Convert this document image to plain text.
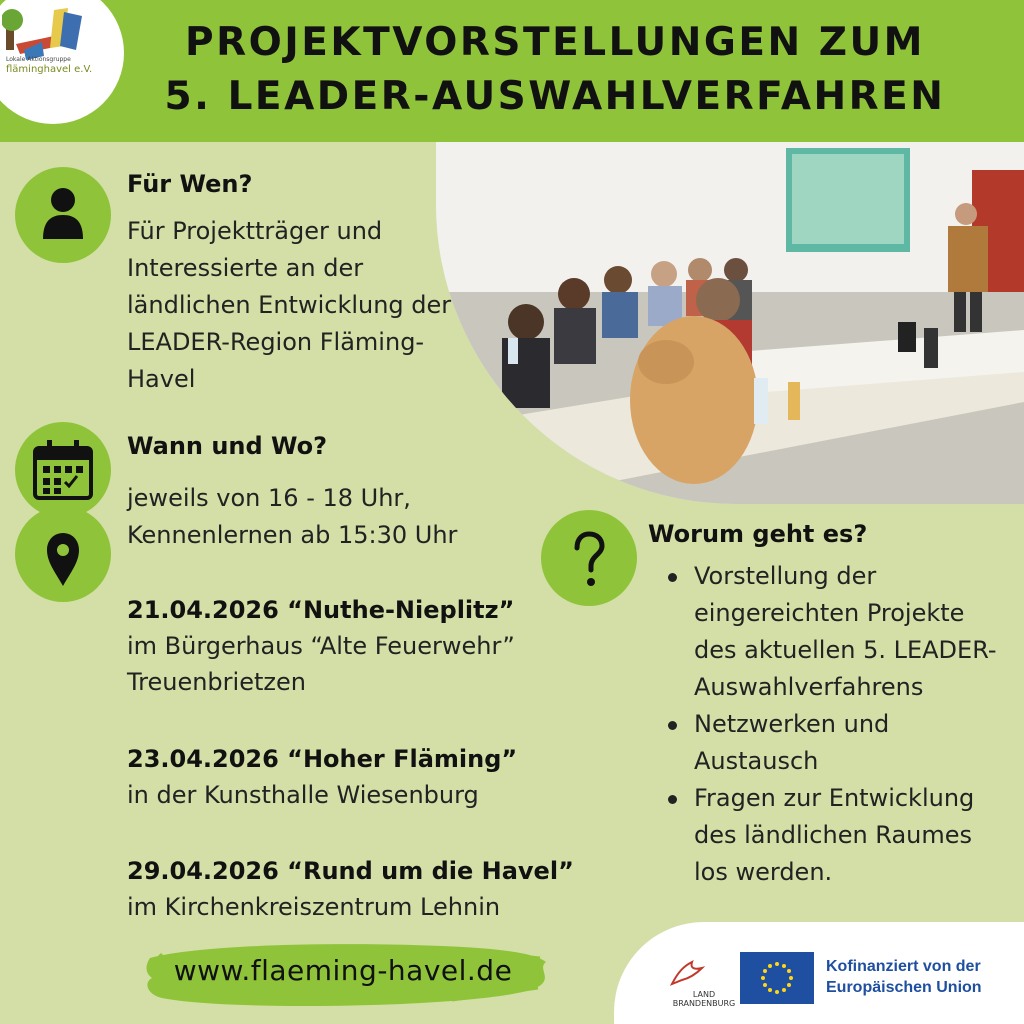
Lokale Aktionsgruppe
fläminghavel e.V.
PROJEKTVORSTELLUNGEN ZUM
5. LEADER-AUSWAHLVERFAHREN
Für Wen?
Für Projektträger und
Interessierte an der
ländlichen Entwicklung der
LEADER-Region Fläming-
Havel
Wann und Wo?
jeweils von 16 - 18 Uhr,
Kennenlernen ab 15:30 Uhr
21.04.2026 “Nuthe-Nieplitz”
im Bürgerhaus “Alte Feuerwehr”
Treuenbrietzen
23.04.2026 “Hoher Fläming”
in der Kunsthalle Wiesenburg
29.04.2026 “Rund um die Havel”
im Kirchenkreiszentrum Lehnin
Worum geht es?
Vorstellung der
eingereichten Projekte
des aktuellen 5. LEADER-
Auswahlverfahrens
Netzwerken und
Austausch
Fragen zur Entwicklung
des ländlichen Raumes
los werden.
www.flaeming-havel.de
LAND
BRANDENBURG
Kofinanziert von der
Europäischen Union
